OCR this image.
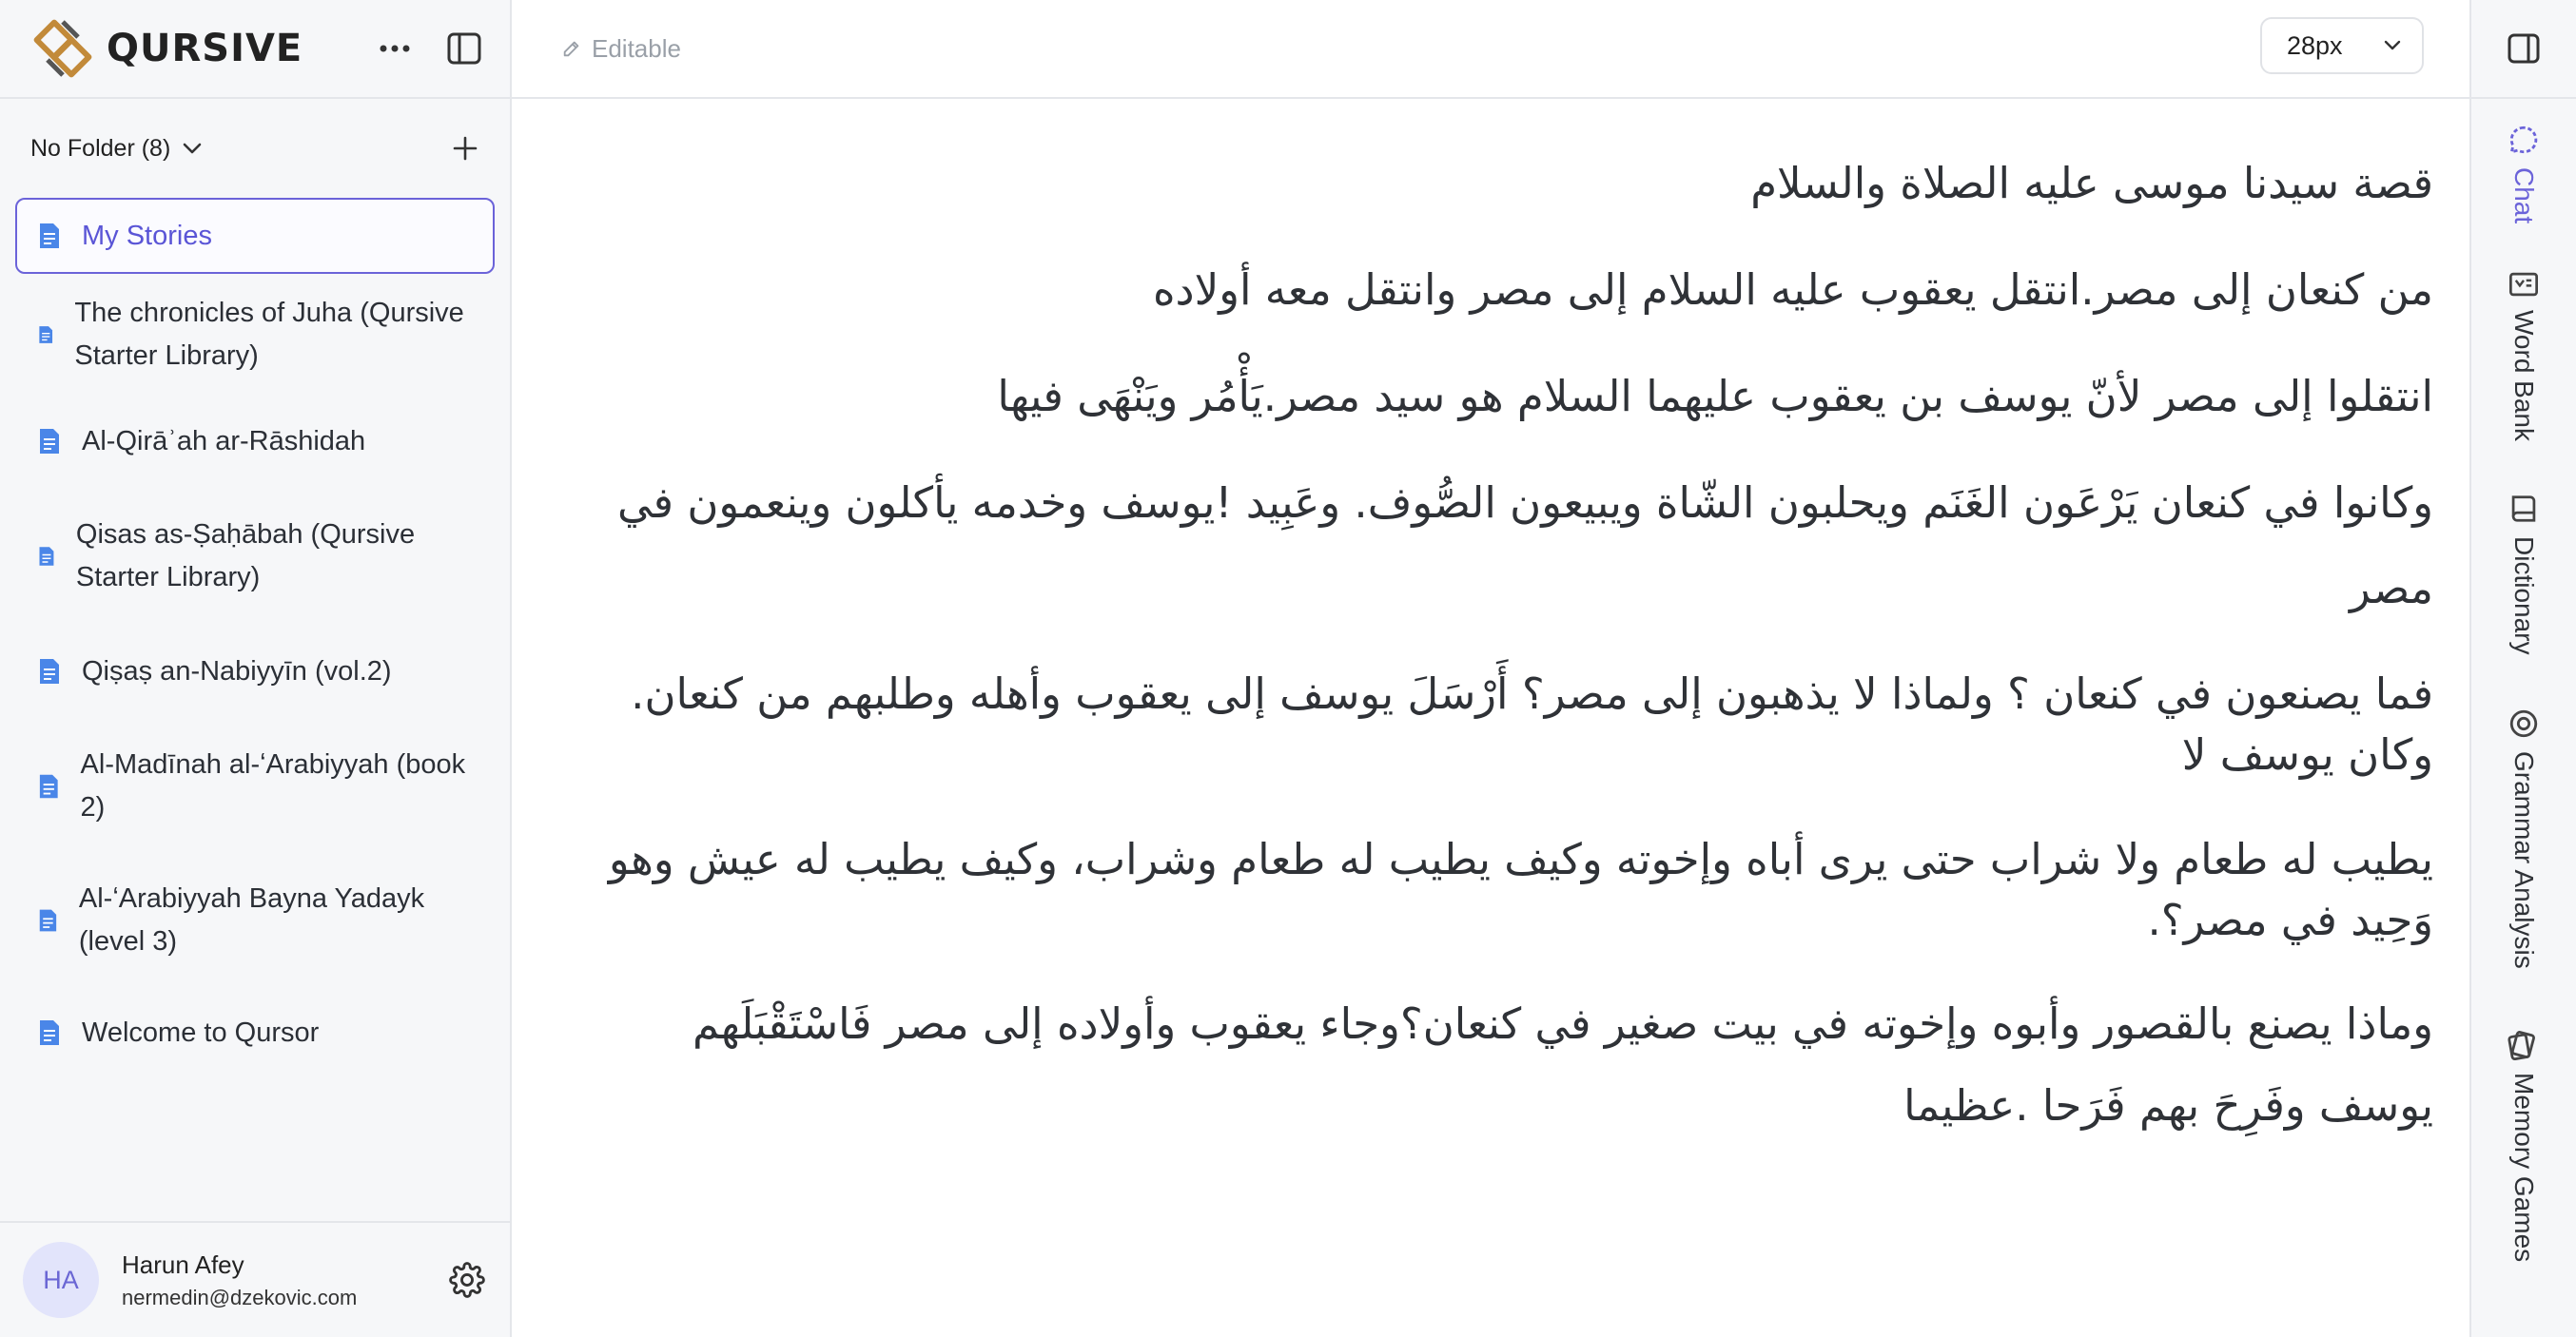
QURSIVE
No Folder (8)
My Stories
The chronicles of Juha (Qursive Starter Library)
Al-Qirāʾah ar-Rāshidah
Qisas as-Ṣaḥābah (Qursive Starter Library)
Qiṣaṣ an-Nabiyyīn (vol.2)
Al-Madīnah al-ʻArabiyyah (book 2)
Al-ʻArabiyyah Bayna Yadayk (level 3)
Welcome to Qursor
HA
Harun Afey
nermedin@dzekovic.com
Editable	28px

قصة سيدنا موسى عليه الصلاة والسلام

من كنعان إلى مصر.انتقل يعقوب عليه السلام إلى مصر وانتقل معه أولاده

انتقلوا إلى مصر لأنّ يوسف بن يعقوب عليهما السلام هو سيد مصر.يَأْمُر ويَنْهَى فيها

وكانوا في كنعان يَرْعَون الغَنَم ويحلبون الشّاة ويبيعون الصُّوف. وعَبِيد !يوسف وخدمه يأكلون وينعمون في مصر

فما يصنعون في كنعان ؟ ولماذا لا يذهبون إلى مصر؟ أَرْسَلَ يوسف إلى يعقوب وأهله وطلبهم من كنعان. وكان يوسف لا

يطيب له طعام ولا شراب حتى يرى أباه وإخوته وكيف يطيب له طعام وشراب، وكيف يطيب له عيش وهو وَحِيد في مصر؟.

وماذا يصنع بالقصور وأبوه وإخوته في بيت صغير في كنعان؟وجاء يعقوب وأولاده إلى مصر فَاسْتَقْبَلَهم يوسف وفَرِحَ بهم فَرَحا .عظيما

Chat
Word Bank
Dictionary
Grammar Analysis
Memory Games
